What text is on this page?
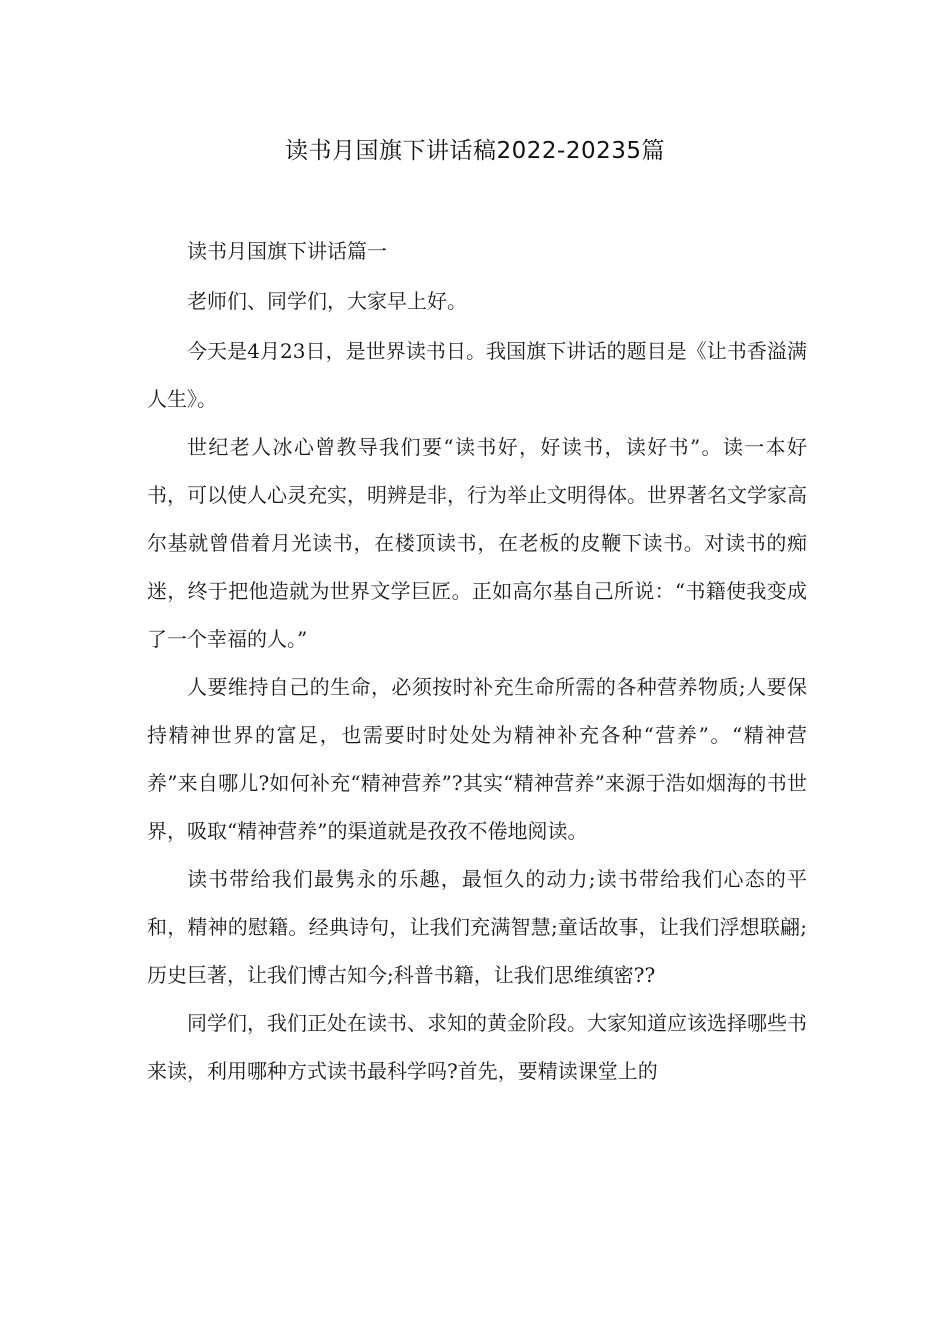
读书月国旗下讲话稿2022-20235篇
读书月国旗下讲话篇一
老师们、同学们，大家早上好。

今天是4月23日，是世界读书日。我国旗下讲话的题目是《让书香溢满人生》。

世纪老人冰心曾教导我们要“读书好，好读书，读好书”。读一本好书，可以使人心灵充实，明辨是非，行为举止文明得体。世界著名文学家高尔基就曾借着月光读书，在楼顶读书，在老板的皮鞭下读书。对读书的痴迷，终于把他造就为世界文学巨匠。正如高尔基自己所说：“书籍使我变成了一个幸福的人。”

人要维持自己的生命，必须按时补充生命所需的各种营养物质;人要保持精神世界的富足，也需要时时处处为精神补充各种“营养”。“精神营养”来自哪儿?如何补充“精神营养”?其实“精神营养”来源于浩如烟海的书世界，吸取“精神营养”的渠道就是孜孜不倦地阅读。

读书带给我们最隽永的乐趣，最恒久的动力;读书带给我们心态的平和，精神的慰籍。经典诗句，让我们充满智慧;童话故事，让我们浮想联翩;历史巨著，让我们博古知今;科普书籍，让我们思维缜密??

同学们，我们正处在读书、求知的黄金阶段。大家知道应该选择哪些书来读，利用哪种方式读书最科学吗?首先，要精读课堂上的
